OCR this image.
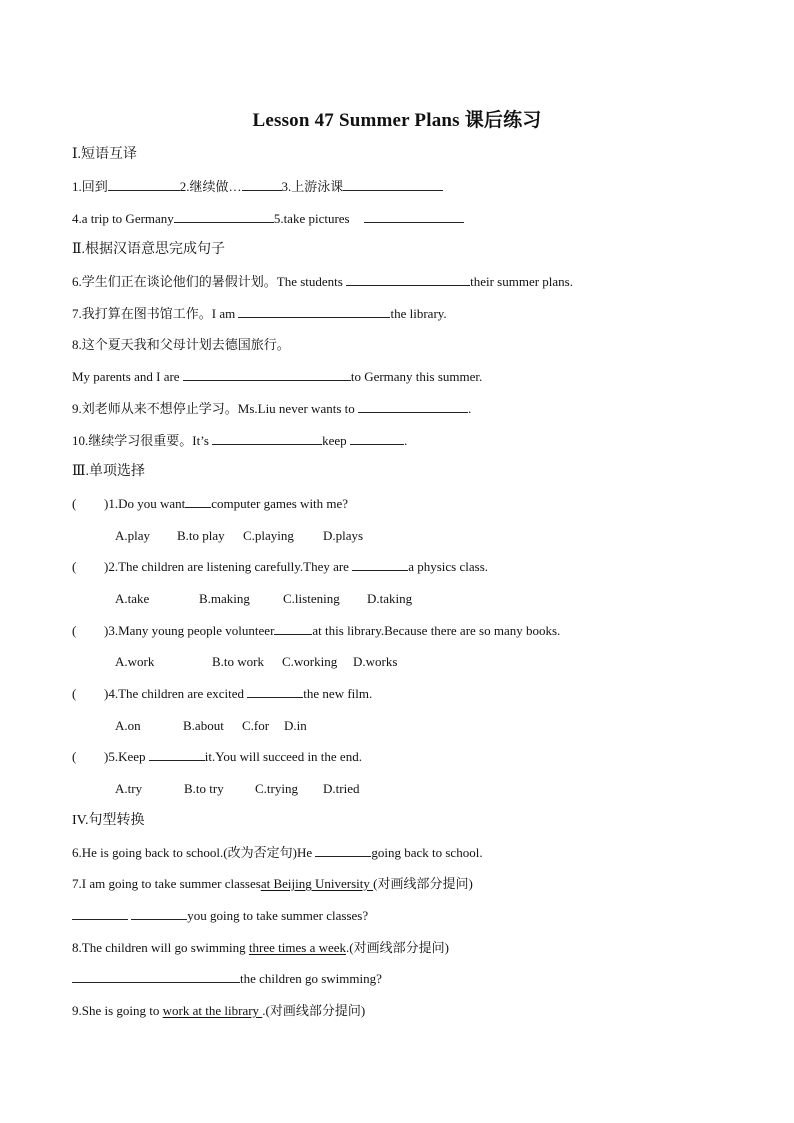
Lesson 47 Summer Plans 课后练习
Ⅰ.短语互译
1.回到	2.继续做…	3.上游泳课
4.a trip to Germany	5.take pictures
Ⅱ.根据汉语意思完成句子
6.学生们正在谈论他们的暑假计划。The students	their summer plans.
7.我打算在图书馆工作。I am	the library.
8.这个夏天我和父母计划去德国旅行。
My parents and I are	to Germany this summer.
9.刘老师从来不想停止学习。Ms.Liu never wants to	.
10.继续学习很重要。It’s	keep	.
Ⅲ.单项选择
( )1.Do you want computer games with me?
A.play B.to play C.playing D.plays
( )2.The children are listening carefully.They are	a physics class.
A.take	B.making	C.listening D.taking
( )3.Many young people volunteer	at this library.Because there are so many books.
A.work	B.to work C.working D.works
( )4.The children are excited	the new film.
A.on	B.about C.for D.in
( )5.Keep	it.You will succeed in the end.
A.try	B.to try C.trying D.tried
IV.句型转换
6.He is going back to school.(改为否定句)He	going back to school.
7.I am going to take summer classesat Beijing University (对画线部分提问)
you going to take summer classes?
8.The children will go swimming three times a week.(对画线部分提问)
the children go swimming?
9.She is going to work at the library .(对画线部分提问)
